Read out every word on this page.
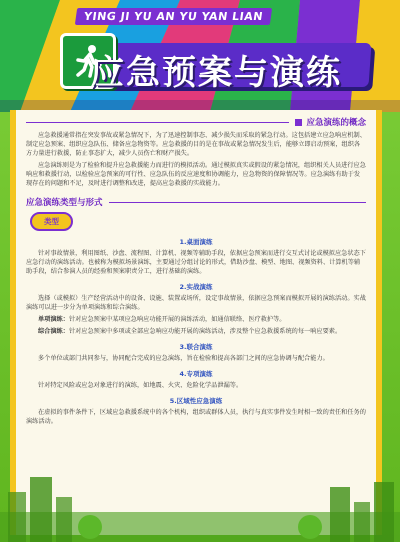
YING JI YU AN YU YAN LIAN
应急预案与演练
应急演练的概念

应急救援通常指在突发事故或紧急情况下，为了迅速控制事态、减少损失而采取的紧急行动。这包括建立应急响应机制、制定应急预案、组织应急队伍、储备应急物资等。应急救援的目的是在事故或紧急情况发生后，能够立即启动预案，组织各方力量进行救援，防止事态扩大，减少人员伤亡和财产损失。

应急演练则是为了检验和提升应急救援能力而进行的模拟活动。通过模拟真实或假设的紧急情况，组织相关人员进行应急响应和救援行动，以检验应急预案的可行性、应急队伍的反应速度和协调能力，应急物资的保障情况等。应急演练有助于发现存在的问题和不足，及时进行调整和改进，提高应急救援的实战能力。

应急演练类型与形式
类型
1.桌面演练

针对事故情景，利用图纸、沙盘、流程图、计算机、视频等辅助手段，依据应急预案而进行交互式讨论或模拟应急状态下应急行动的演练活动。也被称为模拟场景演练，主要通过分组讨论的形式，借助沙盘、模型、地图、视频资料、计算机等辅助手段，结合参演人员的经验和预案职责分工，进行基础的演练。

2.实战演练

选择（或模拟）生产经营活动中的设备、设施、装置或场所，设定事故情景，依据应急预案而模拟开展的演练活动。实战演练可以进一步分为单项演练和综合演练。

单项演练：针对应急预案中某项应急响应功能开展的演练活动，如通信联络、医疗救护等。

综合演练：针对应急预案中多项或全部应急响应功能开展的演练活动，涉及整个应急救援系统的每一响应要素。

3.联合演练

多个单位或部门共同参与，协同配合完成的应急演练，旨在检验和提高各部门之间的应急协调与配合能力。

4.专项演练

针对特定风险或应急对象进行的演练，如地震、火灾、危险化学品泄漏等。

5.区域性应急演练

在虚拟的事件条件下，区域应急救援系统中的各个机构，组织或群体人员，执行与真实事件发生时相一致的责任和任务的演练活动。
